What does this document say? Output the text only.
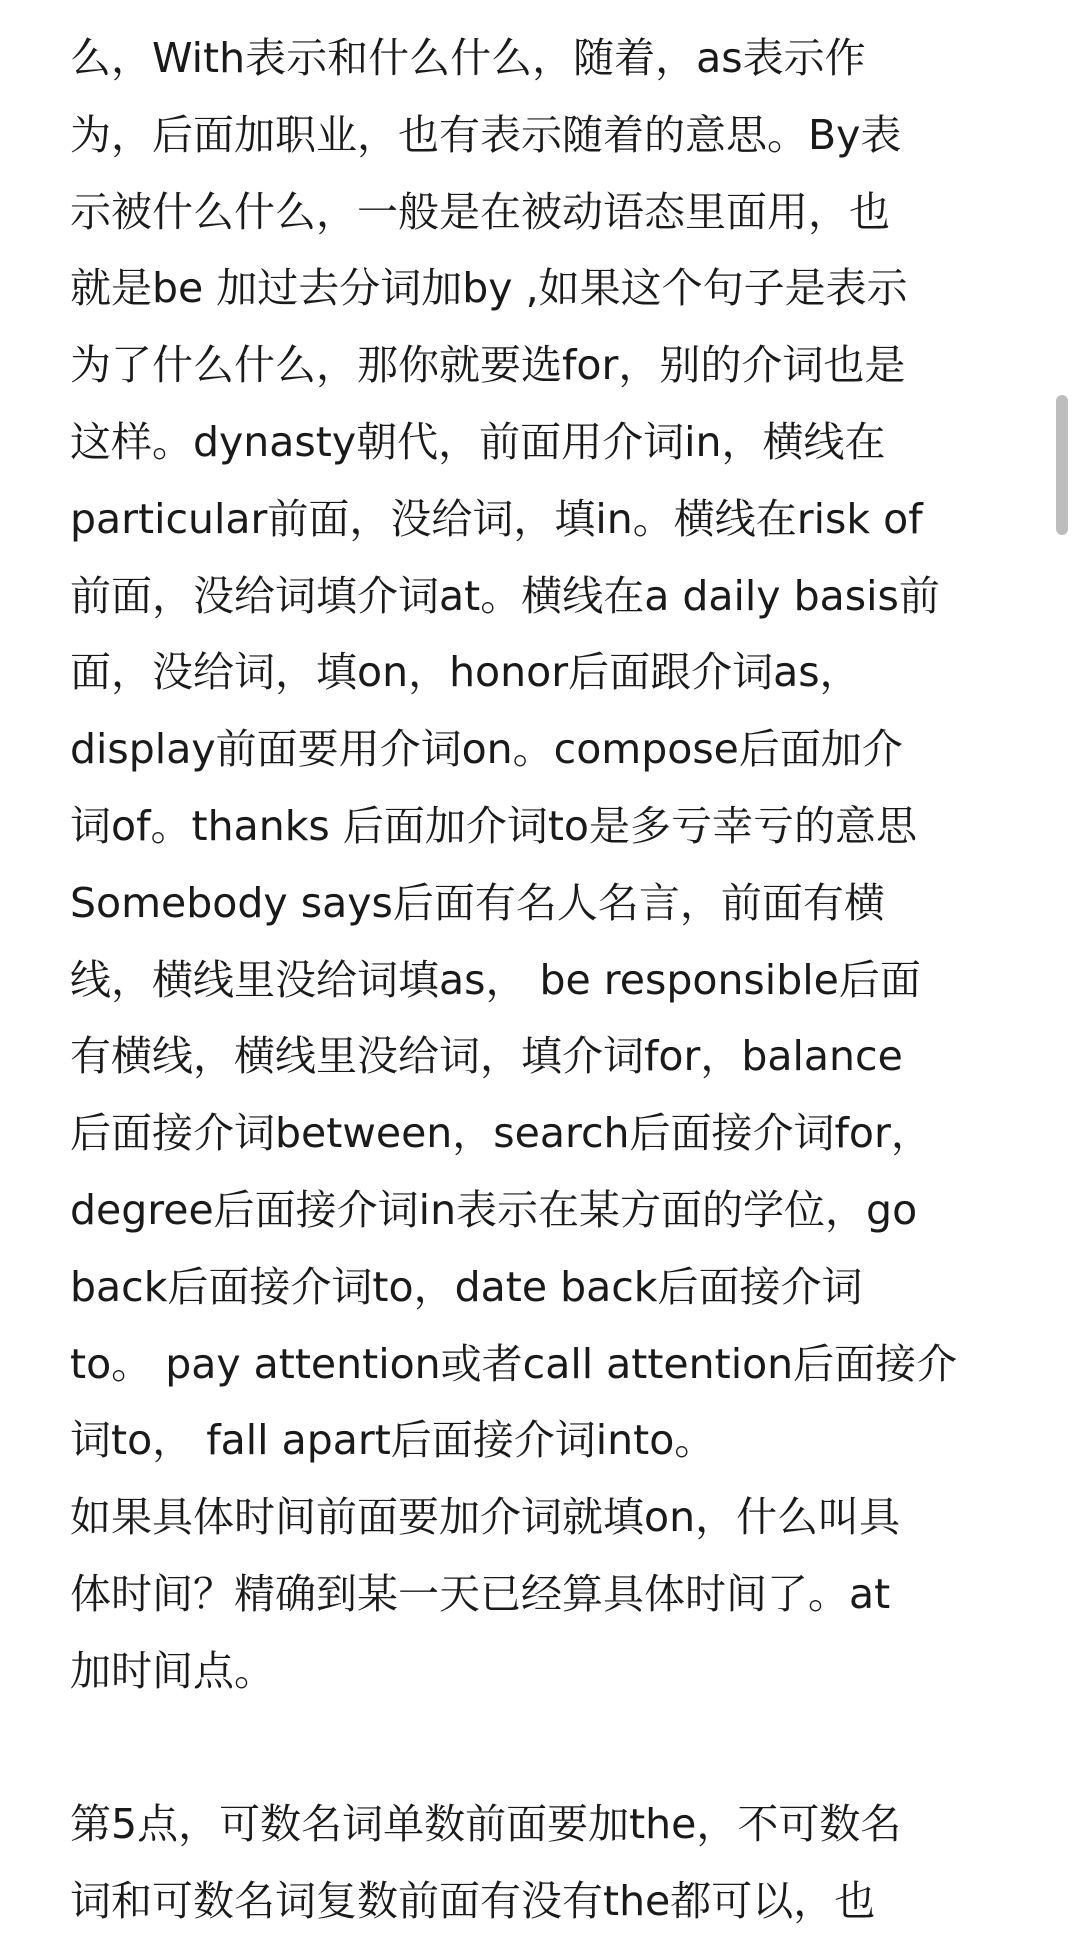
么，With表示和什么什么，随着，as表示作
为，后面加职业，也有表示随着的意思。By表
示被什么什么，一般是在被动语态里面用，也
就是be 加过去分词加by ,如果这个句子是表示
为了什么什么，那你就要选for，别的介词也是
这样。dynasty朝代，前面用介词in，横线在
particular前面，没给词，填in。横线在risk of
前面，没给词填介词at。横线在a daily basis前
面，没给词，填on，honor后面跟介词as，
display前面要用介词on。compose后面加介
词of。thanks 后面加介词to是多亏幸亏的意思
Somebody says后面有名人名言，前面有横
线，横线里没给词填as， be responsible后面
有横线，横线里没给词，填介词for，balance
后面接介词between，search后面接介词for，
degree后面接介词in表示在某方面的学位，go
back后面接介词to，date back后面接介词
to。 pay attention或者call attention后面接介
词to， fall apart后面接介词into。
如果具体时间前面要加介词就填on，什么叫具
体时间？精确到某一天已经算具体时间了。at
加时间点。
第5点，可数名词单数前面要加the，不可数名
词和可数名词复数前面有没有the都可以，也
